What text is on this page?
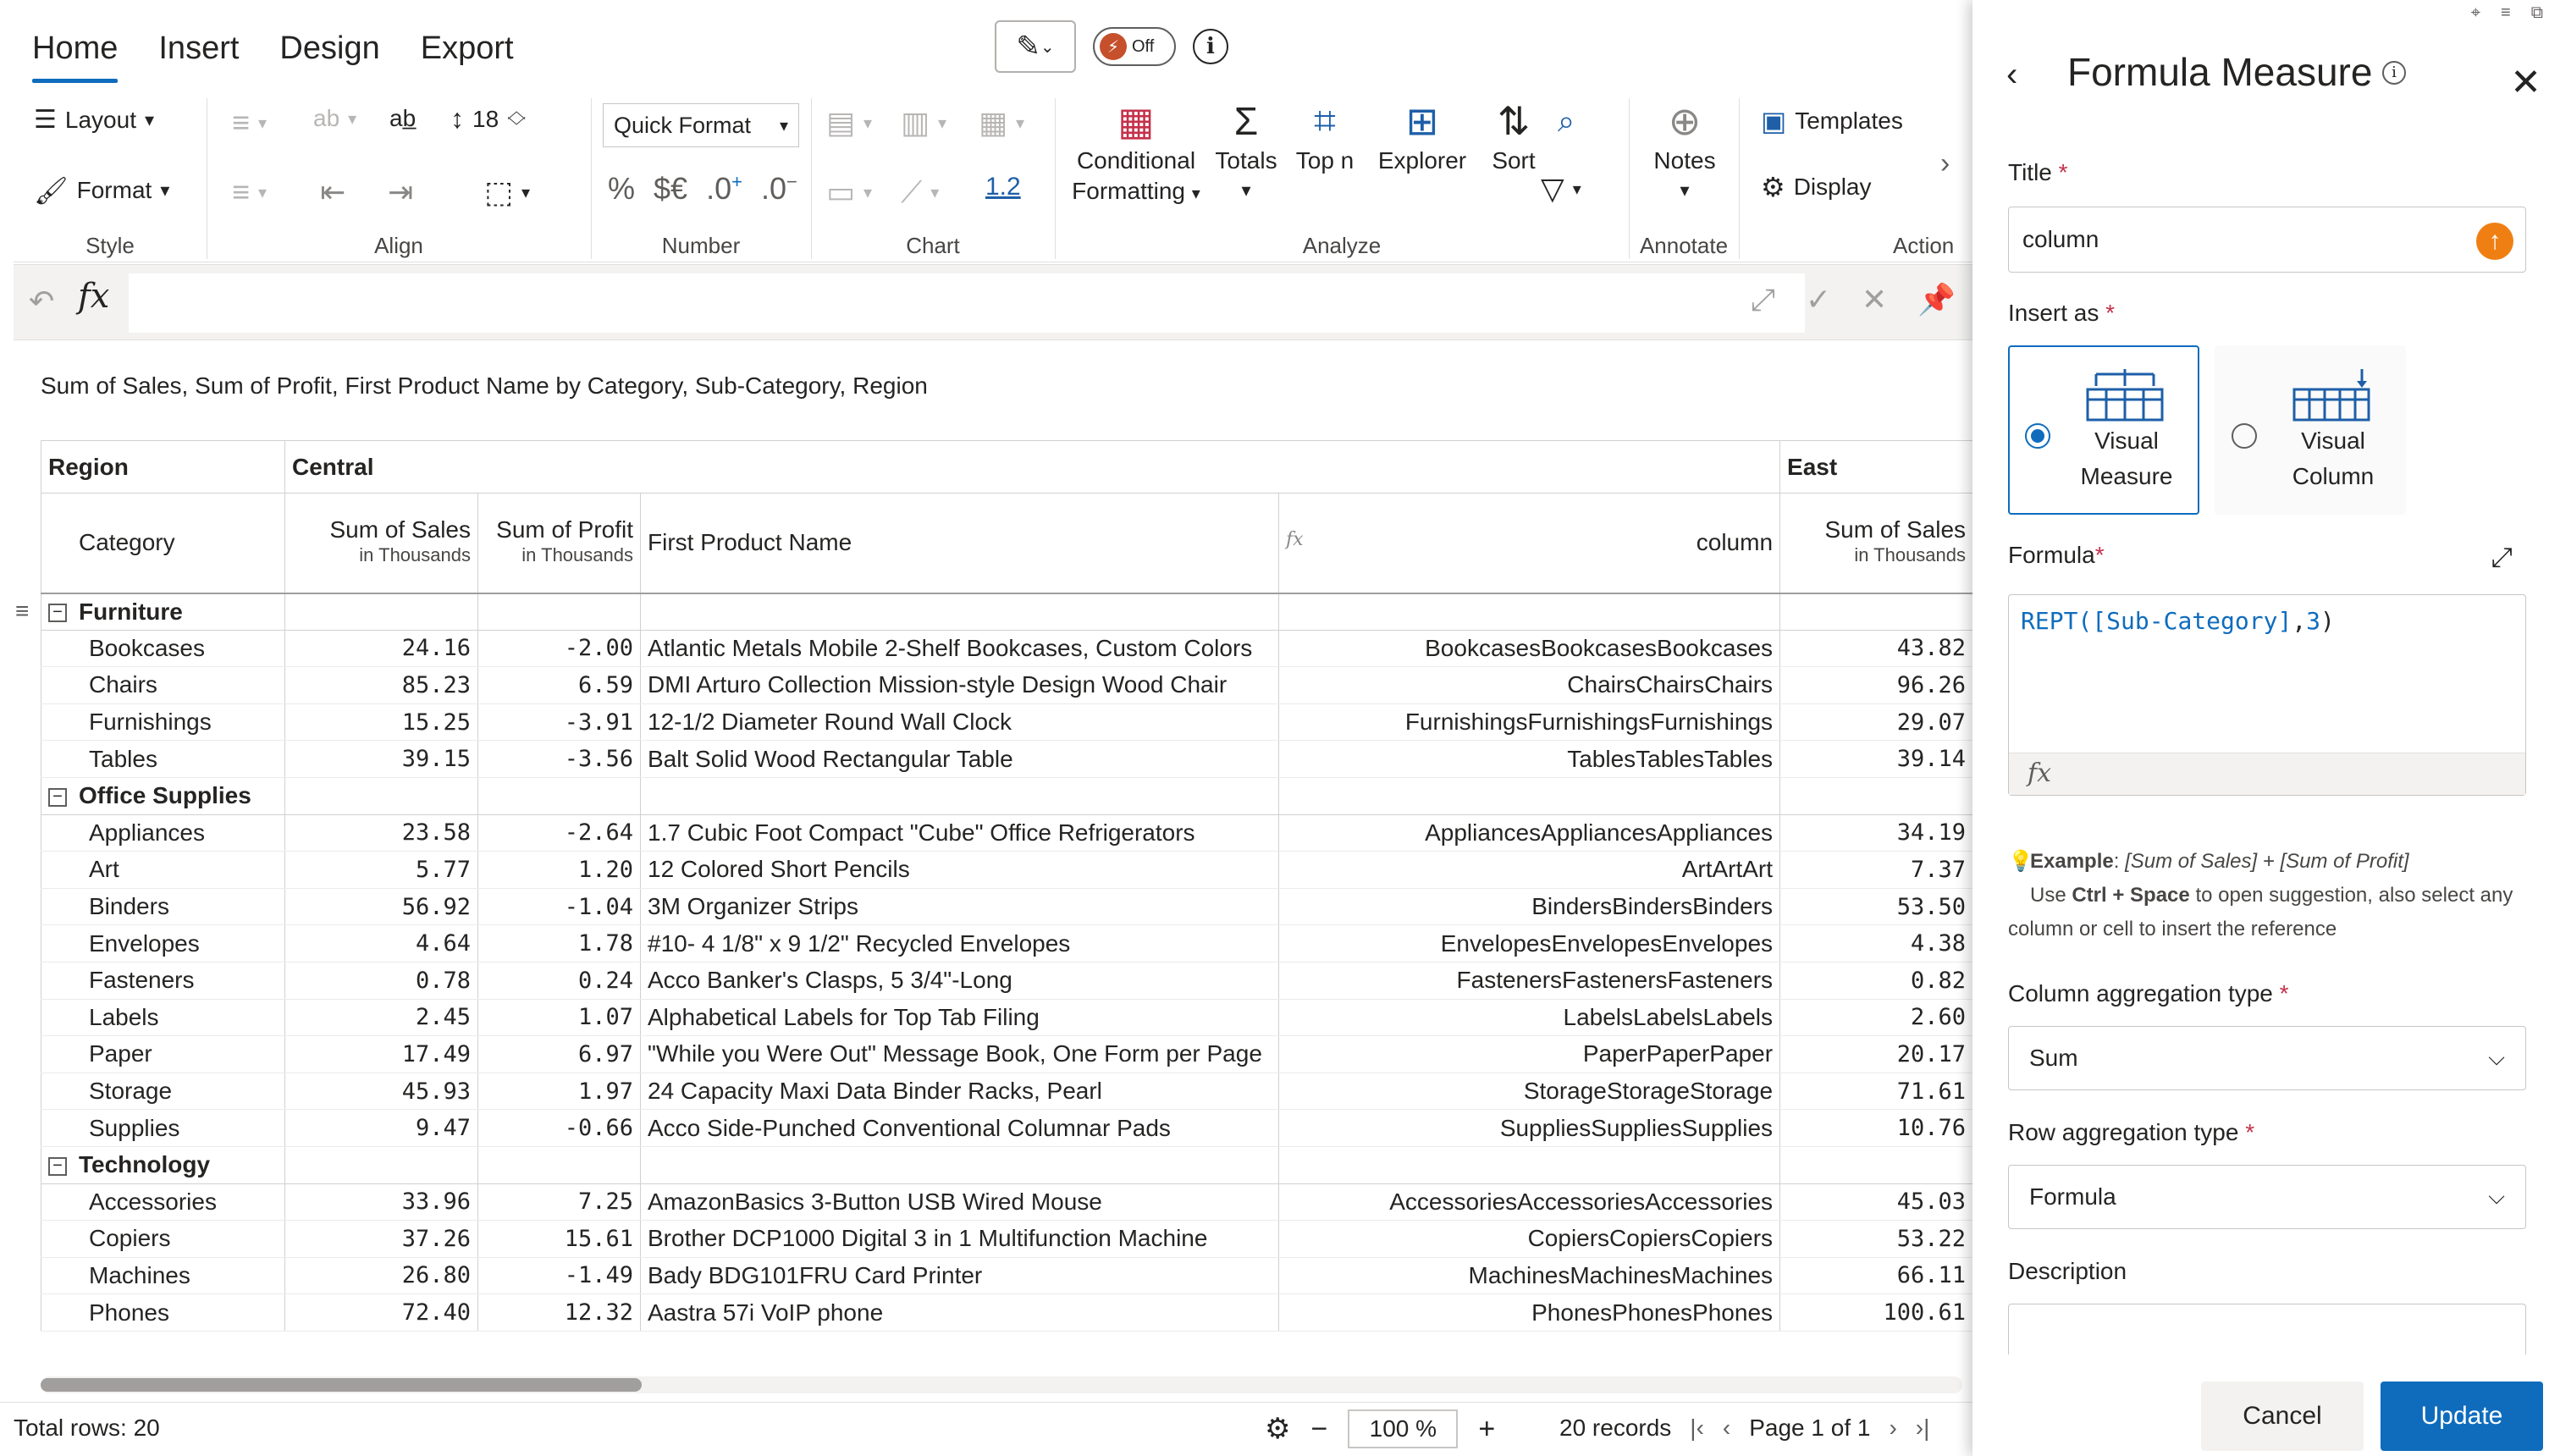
Home Insert Design Export	✎ ⌄	⚡ Off	i
☰ Layout ▾
🖌 Format ▾
Style
≡ ▾ ab ▾ ab̲ ↕ 18 ︿
﹀
≡ ▾ ⇤ ⇥ ⬚ ▾
Align
Quick Format ▾
% $€ .0+ .0−
Number
▤ ▾ ▥ ▾ ▦ ▾
▭ ▾ ⟋ ▾ 1.2
Chart
▦
Conditional
Formatting ▾
Σ
Totals
▾
⌗
Top n
⊞
Explorer
⇅
Sort
⌕
▽ ▾
Analyze
⊕
Notes
▾
Annotate
▣ Templates
⚙ Display
›
Action
↶ fx	⤢ ✓ ✕ 📌
Sum of Sales, Sum of Profit, First Product Name by Category, Sub-Category, Region
≡
Region	Central				East
Category	Sum of Sales
in Thousands	Sum of Profit
in Thousands	First Product Name	fx column	Sum of Sales
in Thousands

− Furniture					
Bookcases	24.16	-2.00	Atlantic Metals Mobile 2-Shelf Bookcases, Custom Colors	BookcasesBookcasesBookcases	43.82
Chairs	85.23	6.59	DMI Arturo Collection Mission-style Design Wood Chair	ChairsChairsChairs	96.26
Furnishings	15.25	-3.91	12-1/2 Diameter Round Wall Clock	FurnishingsFurnishingsFurnishings	29.07
Tables	39.15	-3.56	Balt Solid Wood Rectangular Table	TablesTablesTables	39.14
− Office Supplies					
Appliances	23.58	-2.64	1.7 Cubic Foot Compact "Cube" Office Refrigerators	AppliancesAppliancesAppliances	34.19
Art	5.77	1.20	12 Colored Short Pencils	ArtArtArt	7.37
Binders	56.92	-1.04	3M Organizer Strips	BindersBindersBinders	53.50
Envelopes	4.64	1.78	#10- 4 1/8" x 9 1/2" Recycled Envelopes	EnvelopesEnvelopesEnvelopes	4.38
Fasteners	0.78	0.24	Acco Banker's Clasps, 5 3/4"-Long	FastenersFastenersFasteners	0.82
Labels	2.45	1.07	Alphabetical Labels for Top Tab Filing	LabelsLabelsLabels	2.60
Paper	17.49	6.97	"While you Were Out" Message Book, One Form per Page	PaperPaperPaper	20.17
Storage	45.93	1.97	24 Capacity Maxi Data Binder Racks, Pearl	StorageStorageStorage	71.61
Supplies	9.47	-0.66	Acco Side-Punched Conventional Columnar Pads	SuppliesSuppliesSupplies	10.76
− Technology					
Accessories	33.96	7.25	AmazonBasics 3-Button USB Wired Mouse	AccessoriesAccessoriesAccessories	45.03
Copiers	37.26	15.61	Brother DCP1000 Digital 3 in 1 Multifunction Machine	CopiersCopiersCopiers	53.22
Machines	26.80	-1.49	Bady BDG101FRU Card Printer	MachinesMachinesMachines	66.11
Phones	72.40	12.32	Aastra 57i VoIP phone	PhonesPhonesPhones	100.61
Total rows: 20	⚙ −	100 %	+	20 records |‹ ‹ Page 1 of 1 › ›|
⌖ ≡ ⧉
‹ Formula Measure	i	✕
Title *
column	↑
Insert as *
Visual
Measure
Visual
Column
Formula*	⤢
REPT([Sub-Category],3)
fx
💡Example: [Sum of Sales] + [Sum of Profit]
Use Ctrl + Space to open suggestion, also select any column or cell to insert the reference
Column aggregation type *
Sum	⌵
Row aggregation type *
Formula	⌵
Description
Cancel	Update
